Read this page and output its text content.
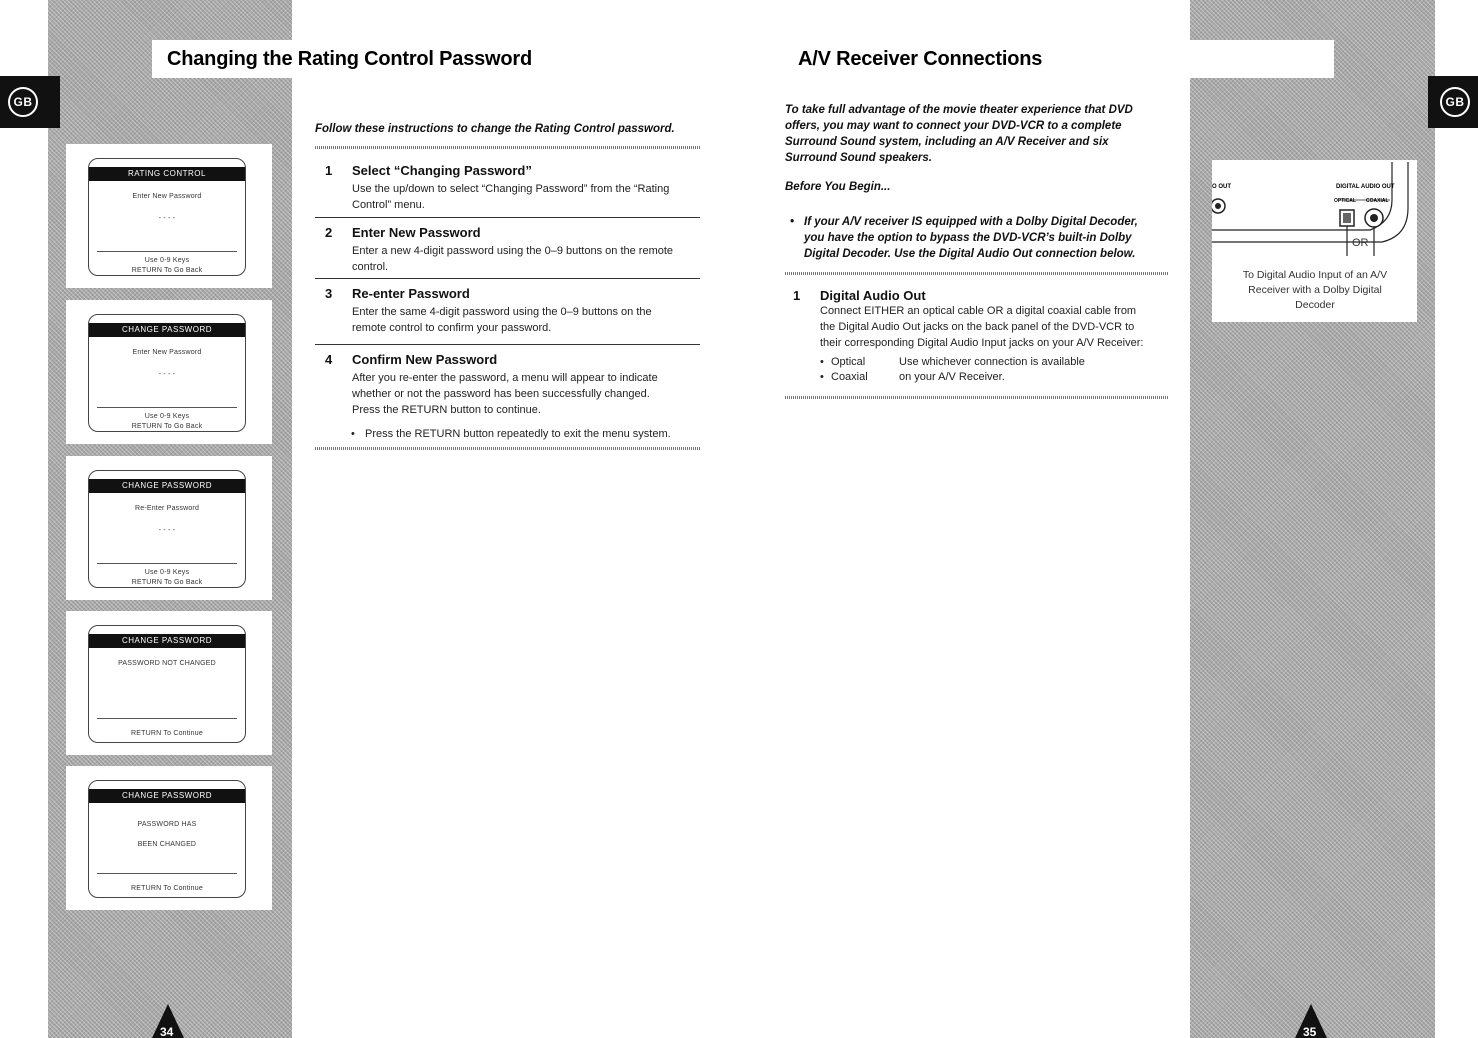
GB
Changing the Rating Control Password
RATING CONTROL
Enter New Password
- - - -
Use 0-9 Keys
RETURN To Go Back
CHANGE PASSWORD
Enter New Password
- - - -
Use 0-9 Keys
RETURN To Go Back
CHANGE PASSWORD
Re-Enter Password
- - - -
Use 0-9 Keys
RETURN To Go Back
CHANGE PASSWORD
PASSWORD NOT CHANGED
RETURN To Continue
CHANGE PASSWORD
PASSWORD HAS
BEEN CHANGED
RETURN To Continue
Follow these instructions to change the Rating Control password.
1 Select “Changing Password”
Use the up/down to select “Changing Password” from the “Rating
Control” menu.
2 Enter New Password
Enter a new 4-digit password using the 0–9 buttons on the remote
control.
3 Re-enter Password
Enter the same 4-digit password using the 0–9 buttons on the
remote control to confirm your password.
4 Confirm New Password
After you re-enter the password, a menu will appear to indicate
whether or not the password has been successfully changed.
Press the RETURN button to continue.
• Press the RETURN button repeatedly to exit the menu system.
34
A/V Receiver Connections
GB
To take full advantage of the movie theater experience that DVD
offers, you may want to connect your DVD-VCR to a complete
Surround Sound system, including an A/V Receiver and six
Surround Sound speakers.
Before You Begin...
• If your A/V receiver IS equipped with a Dolby Digital Decoder,
you have the option to bypass the DVD-VCR’s built-in Dolby
Digital Decoder. Use the Digital Audio Out connection below.
1 Digital Audio Out
Connect EITHER an optical cable OR a digital coaxial cable from
the Digital Audio Out jacks on the back panel of the DVD-VCR to
their corresponding Digital Audio Input jacks on your A/V Receiver:
• Optical	Use whichever connection is available
• Coaxial	on your A/V Receiver.
O OUT	DIGITAL AUDIO OUT
OPTICAL COAXIAL
OR
To Digital Audio Input of an A/V
Receiver with a Dolby Digital
Decoder
35
